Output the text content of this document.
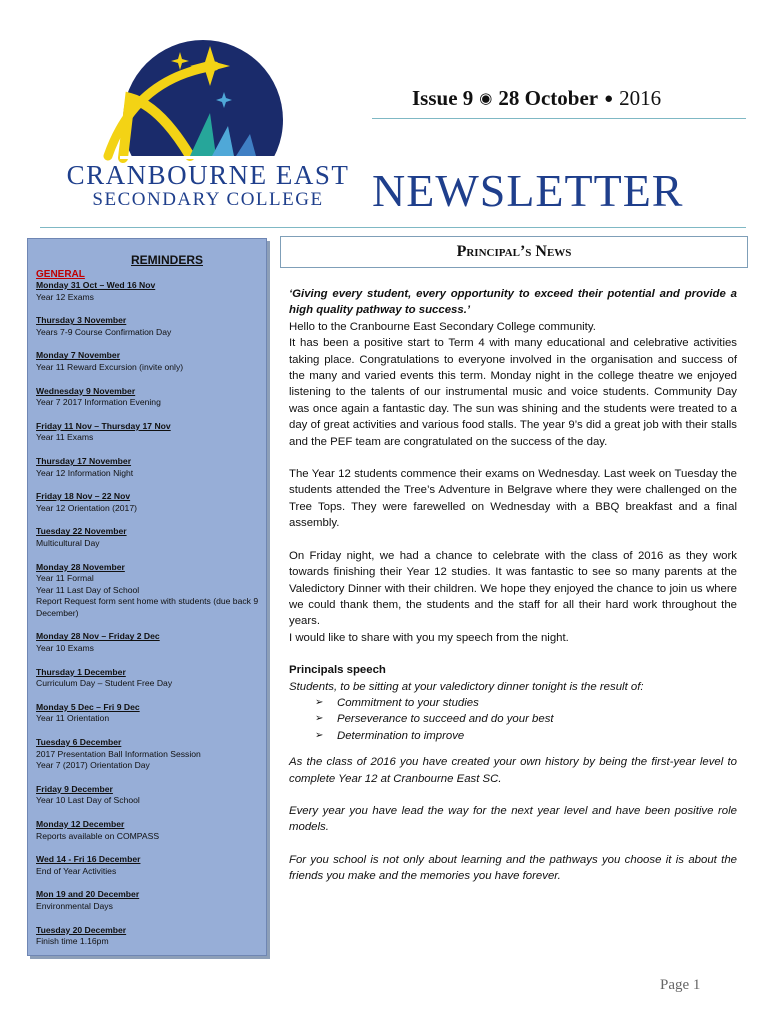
CRANBOURNE EAST
SECONDARY COLLEGE
Issue 9 ◉ 28 October ● 2016
NEWSLETTER
REMINDERS
GENERAL
Monday 31 Oct – Wed 16 Nov
Year 12 Exams
Thursday 3 November
Years 7-9 Course Confirmation Day
Monday 7 November
Year 11 Reward Excursion (invite only)
Wednesday 9 November
Year 7 2017 Information Evening
Friday 11 Nov – Thursday 17 Nov
Year 11 Exams
Thursday 17 November
Year 12 Information Night
Friday 18 Nov – 22 Nov
Year 12 Orientation (2017)
Tuesday 22 November
Multicultural Day
Monday 28 November
Year 11 Formal
Year 11 Last Day of School
Report Request form sent home with students (due back 9 December)
Monday 28 Nov – Friday 2 Dec
Year 10 Exams
Thursday 1 December
Curriculum Day – Student Free Day
Monday 5 Dec – Fri 9 Dec
Year 11 Orientation
Tuesday 6 December
2017 Presentation Ball Information Session
Year 7 (2017) Orientation Day
Friday 9 December
Year 10 Last Day of School
Monday 12 December
Reports available on COMPASS
Wed 14 - Fri 16 December
End of Year Activities
Mon 19 and 20 December
Environmental Days
Tuesday 20 December
Finish time 1.16pm
Principal’s News

‘Giving every student, every opportunity to exceed their potential and provide a high quality pathway to success.’

Hello to the Cranbourne East Secondary College community.

It has been a positive start to Term 4 with many educational and celebrative activities taking place. Congratulations to everyone involved in the organisation and success of the many and varied events this term. Monday night in the college theatre we enjoyed listening to the talents of our instrumental music and voice students. Community Day was once again a fantastic day. The sun was shining and the students were treated to a day of great activities and various food stalls. The year 9’s did a great job with their stalls and the PEF team are congratulated on the success of the day.

The Year 12 students commence their exams on Wednesday. Last week on Tuesday the students attended the Tree’s Adventure in Belgrave where they were challenged on the Tree Tops. They were farewelled on Wednesday with a BBQ breakfast and a final assembly.

On Friday night, we had a chance to celebrate with the class of 2016 as they work towards finishing their Year 12 studies. It was fantastic to see so many parents at the Valedictory Dinner with their children. We hope they enjoyed the chance to join us where we could thank them, the students and the staff for all their hard work throughout the years.

I would like to share with you my speech from the night.

Principals speech

Students, to be sitting at your valedictory dinner tonight is the result of:

➢ Commitment to your studies
➢ Perseverance to succeed and do your best
➢ Determination to improve

As the class of 2016 you have created your own history by being the first-year level to complete Year 12 at Cranbourne East SC.

Every year you have lead the way for the next year level and have been positive role models.

For you school is not only about learning and the pathways you choose it is about the friends you make and the memories you have forever.

Page 1
